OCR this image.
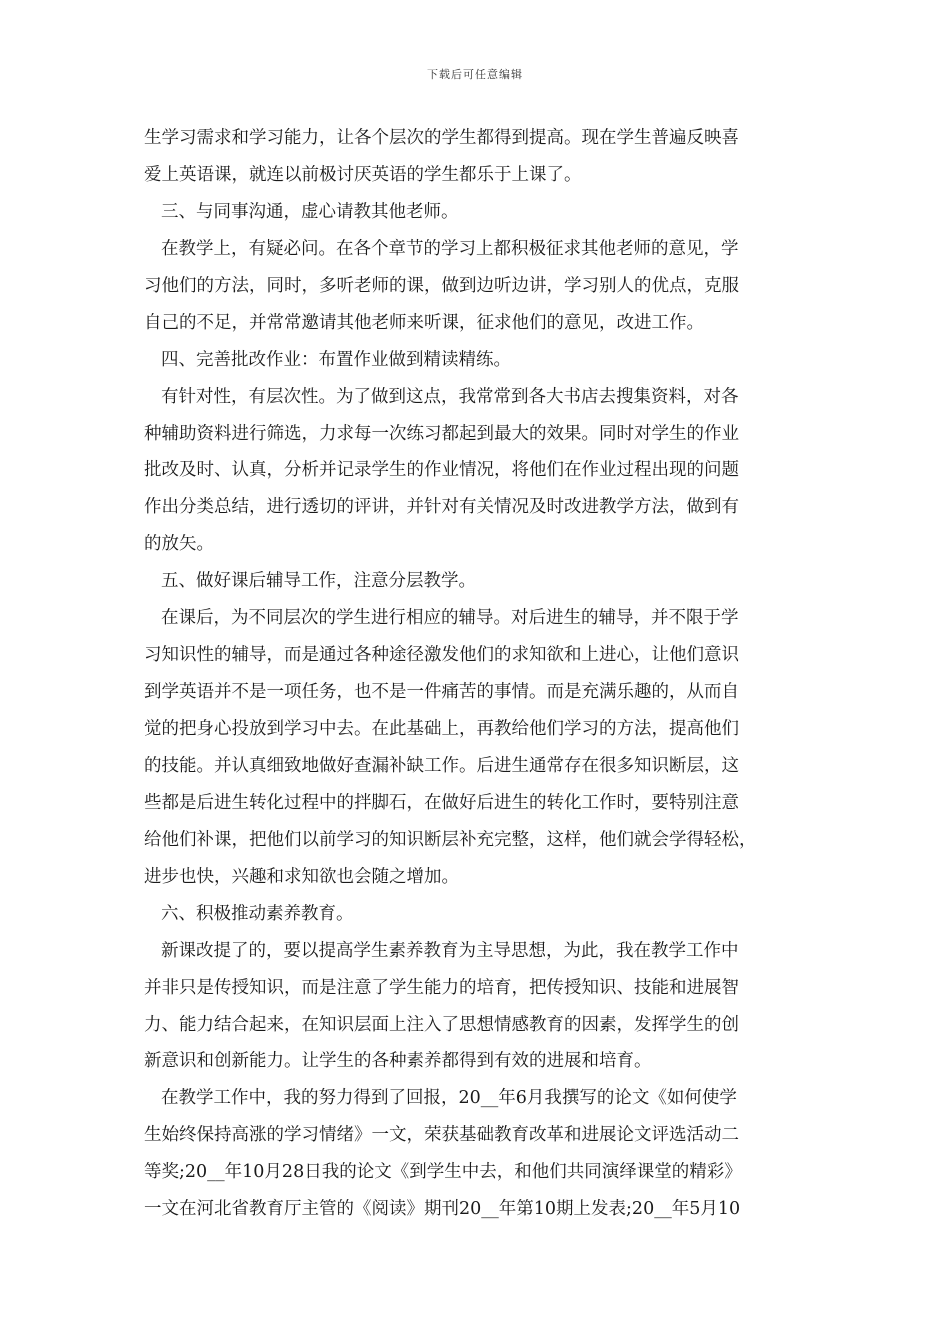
下载后可任意编辑
生学习需求和学习能力，让各个层次的学生都得到提高。现在学生普遍反映喜
爱上英语课，就连以前极讨厌英语的学生都乐于上课了。
三、与同事沟通，虚心请教其他老师。
在教学上，有疑必问。在各个章节的学习上都积极征求其他老师的意见，学
习他们的方法，同时，多听老师的课，做到边听边讲，学习别人的优点，克服
自己的不足，并常常邀请其他老师来听课，征求他们的意见，改进工作。
四、完善批改作业：布置作业做到精读精练。
有针对性，有层次性。为了做到这点，我常常到各大书店去搜集资料，对各
种辅助资料进行筛选，力求每一次练习都起到最大的效果。同时对学生的作业
批改及时、认真，分析并记录学生的作业情况，将他们在作业过程出现的问题
作出分类总结，进行透切的评讲，并针对有关情况及时改进教学方法，做到有
的放矢。
五、做好课后辅导工作，注意分层教学。
在课后，为不同层次的学生进行相应的辅导。对后进生的辅导，并不限于学
习知识性的辅导，而是通过各种途径激发他们的求知欲和上进心，让他们意识
到学英语并不是一项任务，也不是一件痛苦的事情。而是充满乐趣的，从而自
觉的把身心投放到学习中去。在此基础上，再教给他们学习的方法，提高他们
的技能。并认真细致地做好查漏补缺工作。后进生通常存在很多知识断层，这
些都是后进生转化过程中的拌脚石，在做好后进生的转化工作时，要特别注意
给他们补课，把他们以前学习的知识断层补充完整，这样，他们就会学得轻松，
进步也快，兴趣和求知欲也会随之增加。
六、积极推动素养教育。
新课改提了的，要以提高学生素养教育为主导思想，为此，我在教学工作中
并非只是传授知识，而是注意了学生能力的培育，把传授知识、技能和进展智
力、能力结合起来，在知识层面上注入了思想情感教育的因素，发挥学生的创
新意识和创新能力。让学生的各种素养都得到有效的进展和培育。
在教学工作中，我的努力得到了回报，20__年6月我撰写的论文《如何使学
生始终保持高涨的学习情绪》一文，荣获基础教育改革和进展论文评选活动二
等奖;20__年10月28日我的论文《到学生中去，和他们共同演绎课堂的精彩》
一文在河北省教育厅主管的《阅读》期刊20__年第10期上发表;20__年5月10
